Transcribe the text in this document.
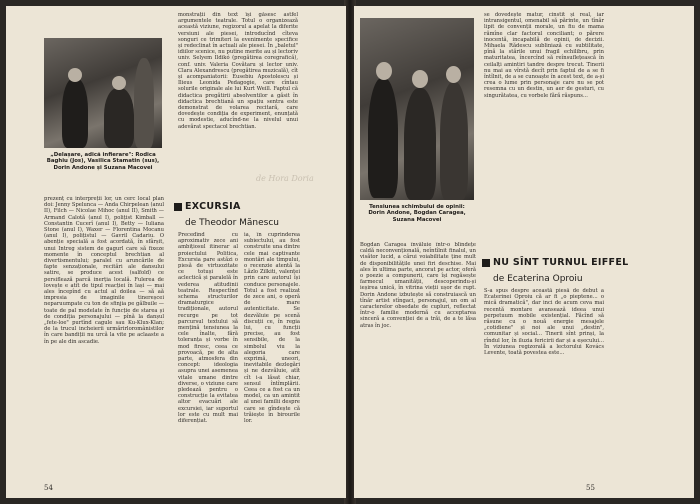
„Delașare, adică infierare": Rodica Baghiu (Jos), Vasilica Stamatin (sus), Dorin Andone și Suzana Macovei
prezenț cu interpreții lor, un cerc local plan doi: Jenny Spelunca — Anda Chirpelean (anul II), Filch — Nicolae Mihoc (anul II), Smith — Armand Calotă (anul I), polițist Kimball — Constantin Cucerî (anul I), Betty — Iuliana Stone (anul I), Waxer — Florentina Mocanu (anul I), polițistul — Gavril Cadariu. O abenție specială a fost acordată, în sfârșit, unui Intreg sistem de gagurl care să fixeze momente în conceptul brechtian al divertismentului; paralel cu aruncările de fapte senzaționale, recitări ale dansului satire, se produce acest (salfold) ce persiflează parcă inerția locală. Fulerea de lovește e atît de tipul reacției în lași — mai ales începînd cu actul al doilea — să aă impresia de imaginile tinereșcei neparuumpate cu ton de sfinjia pe gălbuile — toate de pal modelate în funcție de starea și de condiția personajului — pînă la danșul „fete-loe" purtînd cagule sau Ku-Klux-Klan; de la trucul incheierii urmărirloromânistilor în care bandiții nu urcă la vite pe aclaaste a în pe ale din ascadie.
monstrații din text își găsesc astfel argumentele teatrale. Totul o organizează această viziune, regizorul a apelat la diferite versiuni ale piesei, introducînd cîteva songuri ce trimiteri la evenimente specifice și redeclinat în actuali ale piesei. În „baletul" idiilor scenice, nu putine merite au și lectoriv univ. Selyem Ildikó (pregătirea coregrafică), conf. univ. Valeria Covătaru și lector univ. Clara Alexandrescu (pregătirea muzicală), cît și acompaniatorii: Eusebiu Apostolescu și Ilieus Leonida Pedagogie, care cîntau solurile originale ale lui Kurt Weill. Faptul că didactica pregătirii absolventilor a găsit în didactica brechtiană un spațiu sentra este demonstrat de volarea recitară, care dovedește condiția de experiment, enunțată cu modestie, aducînd-ne la nivelul unui adevărat spectacol brechtian.
de Hora Doria
EXCURSIA
de Theodor Mănescu
Precedînd cu aproximativ zece ani ambițiosul itinerar al proiectului Politica, Excursia pare astăzi o piesă de virtuozitate ce totuși este aclectică și paralelă în vederea atitudinii teatrale. Respectînd schema structurilor dramaturgice tradiționale, autorul recurge pe tot parcursul textului să mențină tensiunea la cele înalte, fără toleranța și vorbe în mod firesc, ceea ce provoacă, pe de alta parte, atmosfera din concept: ideologia asupra unei asemenea vitale umane dintre diverse, o viziune care pledează pentru o construcție la evitatea altor evacuări ale excursiei, iar suportul lor este cu mult mai diferențiat.
ia, în cuprinderea subiectului, au fost construite una dintre cele mai captivante montări ale timpului, o recenzie atentă la Lăzlo Zilkiti, valenței prin care autorul își conduce personajele. Totul a fost realizat de zece ani, o operă de mare autenticitate. Se dezvăluie pe scenă discuții ce, în regia lui, cu funcții precise, au fost sensibile, de la simbolul viu la alegoria care exprimă, uneori, inevitabile dezlegări și ne dezvăluie, atît cît i-a lăsat chiar, sensul întîmplării. Ceea ce a fost ca un model, ca un amintit al unei familii despre care se gîndește că trăiește în birourile lor.
54
Tensiunea schimbului de opinii: Dorin Andone, Bogdan Caragea, Suzana Macovei
se dovedește matur, cinstit și real, iar intransigentul, omenabil să părinte, un tînăr lipit de convenții morale, un fiu de mama rămîne clar factorul conciliant; o părere inocentă, incapabilă de opinii, de decizii. Mihaela Rădescu subliniază cu subtilitate, pînă la stările unui fragil echilibru, prin maturitatea, încercînd să reînsuflețească în ceilalți amintiri tandre despre trecut. Tinerii nu mai au vîrstă decît prin faptul de a se fi întîlnit, de a se cunoaște în acest text, de a-și crea o lume prin personaje care nu se pot resemna cu un destin, un aer de gesturi, cu singurătatea, cu vorbele fără răspuns...
Bogdan Caragea învăluie într-o blîndețe caldă neconvențională, neîntîlnit finalul, un visător lucid, a cărui voiabilitate ține mult de disponibilitățile unei firi deschise. Mai ales în ultima parte, ancorat pe actor, oferă o poezie a compunerii, care își regăsește farmecul umanității, descoperindu-și ieșirea unică, în vitrina vieții ușor de rupt. Dorin Andone izbutește să construiască un tînăr artist stîngaci, personajul, un om al caracterelor obsedate de cupluri, reflectat într-o familie modernă cu acceptarea sinceră a convenției de a trăi, de a te lăsa atras în joc.
NU SÎNT TURNUL EIFFEL
de Ecaterina Oproiu
S-a spus despre această piesă de debut a Ecaterinei Oproiu că ar fi „o pieptene... o mică dramatică", dar inci de acum ceva mai recentă montare avansează ideea unui perpetuum mobile existențial. Făcînd să răsune cu o nouă energie mesajele „cotidiene" și noi ale unui „destin", comunitar și social... Tinerii sînt prinși, la rîndul lor, în iluzia fericirii dar și a eșecului... În viziunea regizorală a lectorului Kovács Levente, toată povestea este...
55
